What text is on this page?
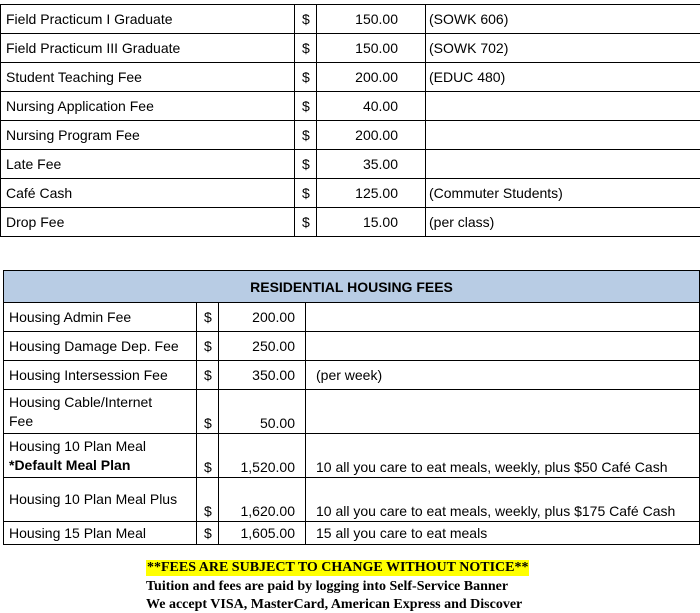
Field Practicum I Graduate	$	150.00	(SOWK 606)
Field Practicum III Graduate	$	150.00	(SOWK 702)
Student Teaching Fee	$	200.00	(EDUC 480)
Nursing Application Fee	$	40.00	
Nursing Program Fee	$	200.00	
Late Fee	$	35.00	
Café Cash	$	125.00	(Commuter Students)
Drop Fee	$	15.00	(per class)
RESIDENTIAL HOUSING FEES			
Housing Admin Fee	$	200.00	
Housing Damage Dep. Fee	$	250.00	
Housing Intersession Fee	$	350.00	(per week)
Housing Cable/Internet
Fee	$	50.00	
Housing 10 Plan Meal
*Default Meal Plan	$	1,520.00	10 all you care to eat meals, weekly, plus $50 Café Cash
Housing 10 Plan Meal Plus	$	1,620.00	10 all you care to eat meals, weekly, plus $175 Café Cash
Housing 15 Plan Meal	$	1,605.00	15 all you care to eat meals
**FEES ARE SUBJECT TO CHANGE WITHOUT NOTICE**
Tuition and fees are paid by logging into Self-Service Banner
We accept VISA, MasterCard, American Express and Discover
